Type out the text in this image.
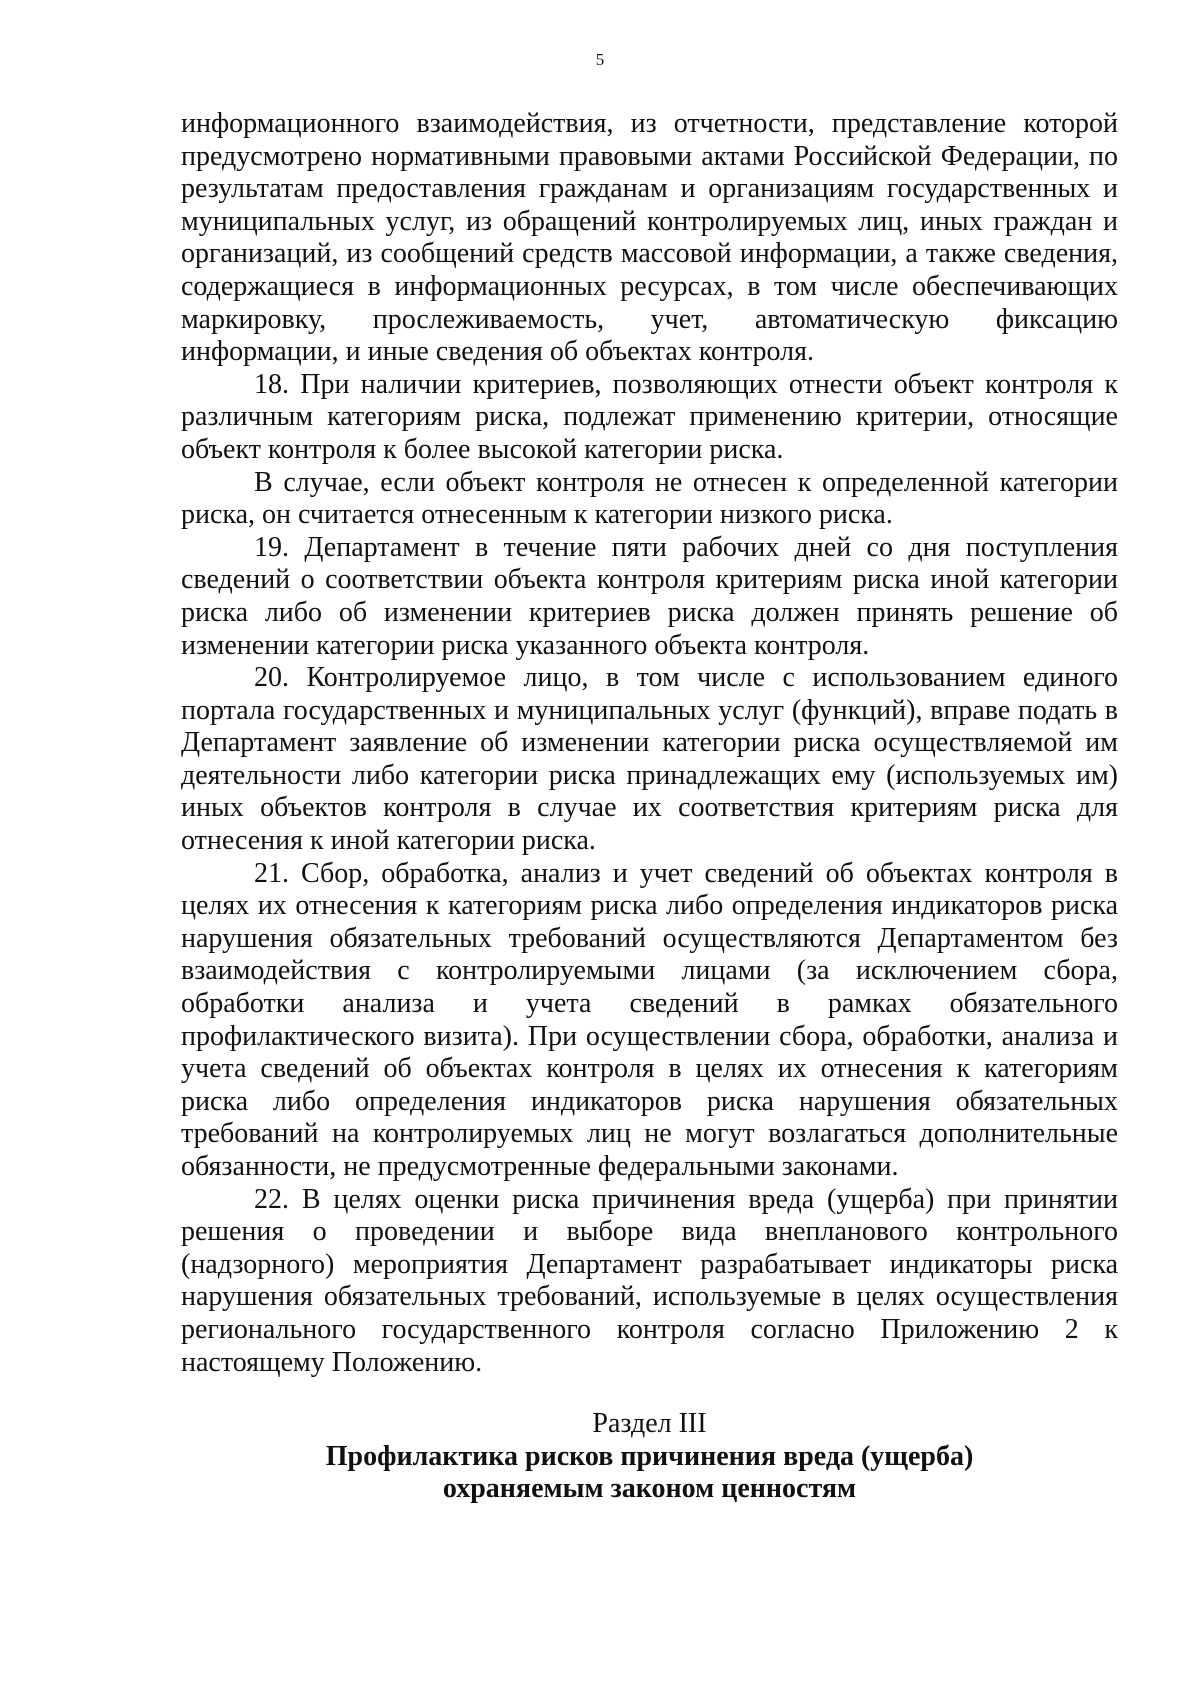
5

информационного взаимодействия, из отчетности, представление которой предусмотрено нормативными правовыми актами Российской Федерации, по результатам предоставления гражданам и организациям государственных и муниципальных услуг, из обращений контролируемых лиц, иных граждан и организаций, из сообщений средств массовой информации, а также сведения, содержащиеся в информационных ресурсах, в том числе обеспечивающих маркировку, прослеживаемость, учет, автоматическую фиксацию информации, и иные сведения об объектах контроля.

18. При наличии критериев, позволяющих отнести объект контроля к различным категориям риска, подлежат применению критерии, относящие объект контроля к более высокой категории риска.

В случае, если объект контроля не отнесен к определенной категории риска, он считается отнесенным к категории низкого риска.

19. Департамент в течение пяти рабочих дней со дня поступления сведений о соответствии объекта контроля критериям риска иной категории риска либо об изменении критериев риска должен принять решение об изменении категории риска указанного объекта контроля.

20. Контролируемое лицо, в том числе с использованием единого портала государственных и муниципальных услуг (функций), вправе подать в Департамент заявление об изменении категории риска осуществляемой им деятельности либо категории риска принадлежащих ему (используемых им) иных объектов контроля в случае их соответствия критериям риска для отнесения к иной категории риска.

21. Сбор, обработка, анализ и учет сведений об объектах контроля в целях их отнесения к категориям риска либо определения индикаторов риска нарушения обязательных требований осуществляются Департаментом без взаимодействия с контролируемыми лицами (за исключением сбора, обработки анализа и учета сведений в рамках обязательного профилактического визита). При осуществлении сбора, обработки, анализа и учета сведений об объектах контроля в целях их отнесения к категориям риска либо определения индикаторов риска нарушения обязательных требований на контролируемых лиц не могут возлагаться дополнительные обязанности, не предусмотренные федеральными законами.

22. В целях оценки риска причинения вреда (ущерба) при принятии решения о проведении и выборе вида внепланового контрольного (надзорного) мероприятия Департамент разрабатывает индикаторы риска нарушения обязательных требований, используемые в целях осуществления регионального государственного контроля согласно Приложению 2 к настоящему Положению.

Раздел III

Профилактика рисков причинения вреда (ущерба)

охраняемым законом ценностям
